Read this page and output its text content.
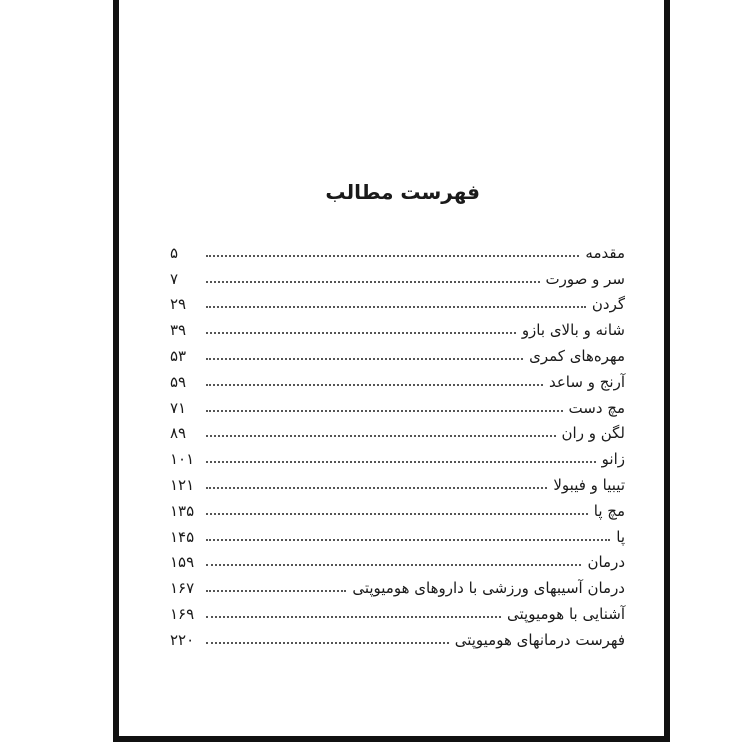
فهرست مطالب
۵	مقدمه
۷	سر و صورت
۲۹	گردن
۳۹	شانه و بالای بازو
۵۳	مهره‌های کمری
۵۹	آرنج و ساعد
۷۱	مچ دست
۸۹	لگن و ران
۱۰۱	زانو
۱۲۱	تیبیا و فیبولا
۱۳۵	مچ پا
۱۴۵	پا
۱۵۹	درمان
۱۶۷	درمان آسیبهای ورزشی با داروهای هومیوپتی
۱۶۹	آشنایی با هومیوپتی
۲۲۰	فهرست درمانهای هومیوپتی
